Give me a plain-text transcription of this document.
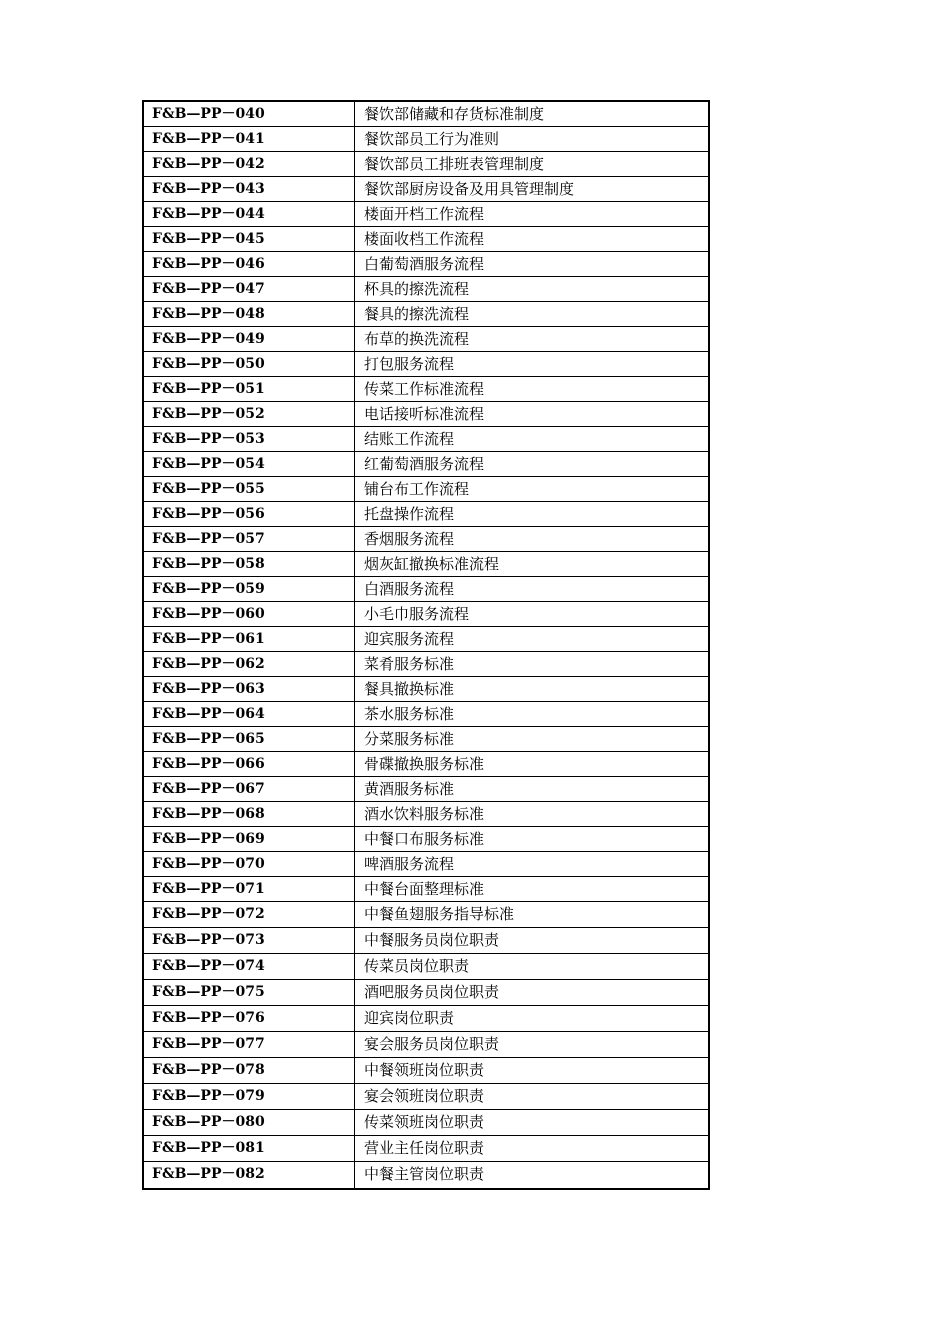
F&B—PP－040	餐饮部储藏和存货标准制度
F&B—PP－041	餐饮部员工行为准则
F&B—PP－042	餐饮部员工排班表管理制度
F&B—PP－043	餐饮部厨房设备及用具管理制度
F&B—PP－044	楼面开档工作流程
F&B—PP－045	楼面收档工作流程
F&B—PP－046	白葡萄酒服务流程
F&B—PP－047	杯具的擦洗流程
F&B—PP－048	餐具的擦洗流程
F&B—PP－049	布草的换洗流程
F&B—PP－050	打包服务流程
F&B—PP－051	传菜工作标准流程
F&B—PP－052	电话接听标准流程
F&B—PP－053	结账工作流程
F&B—PP－054	红葡萄酒服务流程
F&B—PP－055	铺台布工作流程
F&B—PP－056	托盘操作流程
F&B—PP－057	香烟服务流程
F&B—PP－058	烟灰缸撤换标准流程
F&B—PP－059	白酒服务流程
F&B—PP－060	小毛巾服务流程
F&B—PP－061	迎宾服务流程
F&B—PP－062	菜肴服务标准
F&B—PP－063	餐具撤换标准
F&B—PP－064	茶水服务标准
F&B—PP－065	分菜服务标准
F&B—PP－066	骨碟撤换服务标准
F&B—PP－067	黄酒服务标准
F&B—PP－068	酒水饮料服务标准
F&B—PP－069	中餐口布服务标准
F&B—PP－070	啤酒服务流程
F&B—PP－071	中餐台面整理标准
F&B—PP－072	中餐鱼翅服务指导标准
F&B—PP－073	中餐服务员岗位职责
F&B—PP－074	传菜员岗位职责
F&B—PP－075	酒吧服务员岗位职责
F&B—PP－076	迎宾岗位职责
F&B—PP－077	宴会服务员岗位职责
F&B—PP－078	中餐领班岗位职责
F&B—PP－079	宴会领班岗位职责
F&B—PP－080	传菜领班岗位职责
F&B—PP－081	营业主任岗位职责
F&B—PP－082	中餐主管岗位职责
